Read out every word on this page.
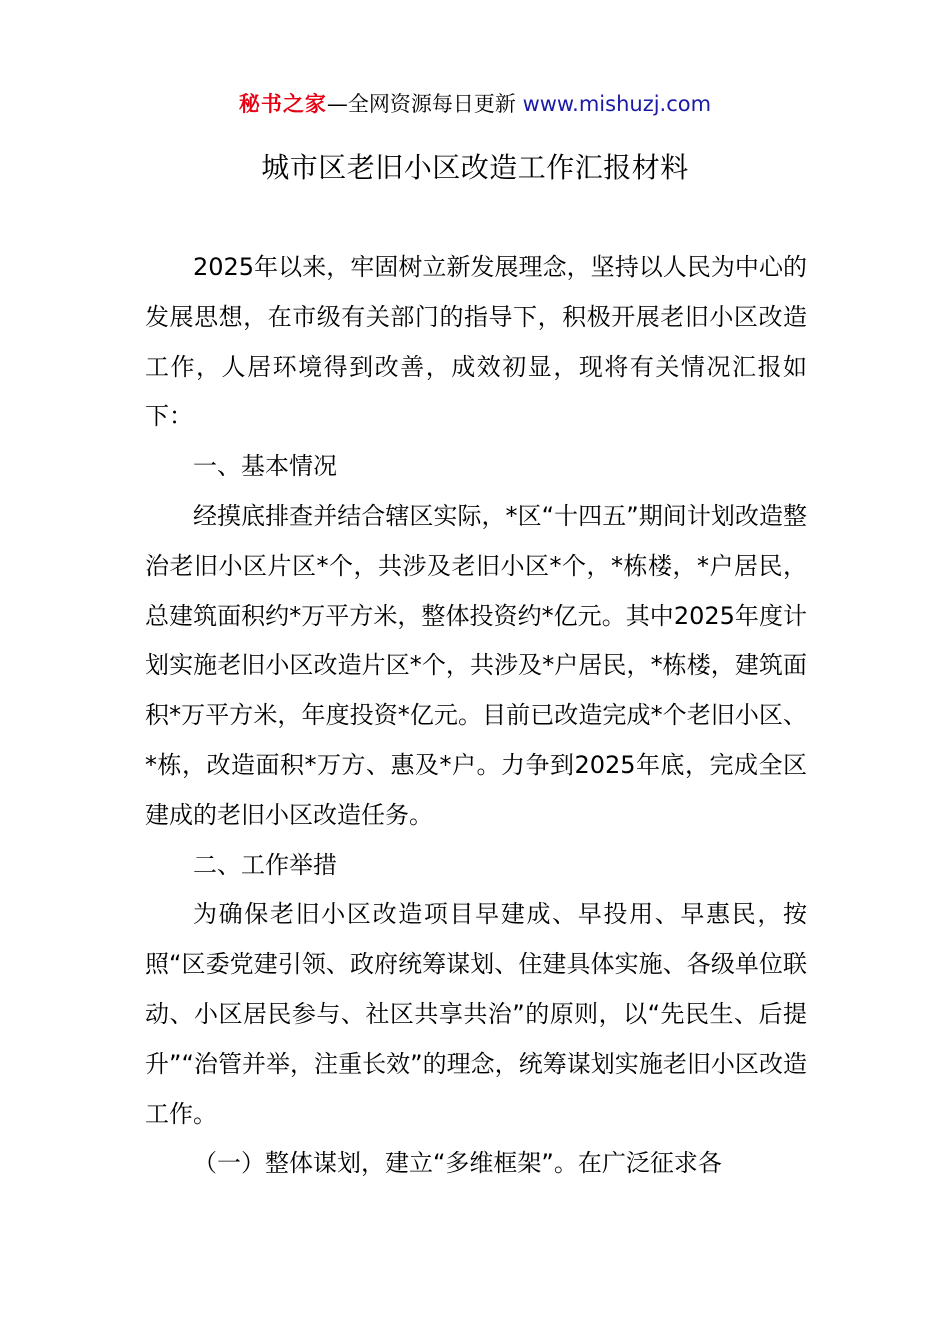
秘书之家—全网资源每日更新 www.mishuzj.com
城市区老旧小区改造工作汇报材料

2025年以来，牢固树立新发展理念，坚持以人民为中心的发展思想，在市级有关部门的指导下，积极开展老旧小区改造工作，人居环境得到改善，成效初显，现将有关情况汇报如下：

一、基本情况

经摸底排查并结合辖区实际，*区“十四五”期间计划改造整治老旧小区片区*个，共涉及老旧小区*个，*栋楼，*户居民，总建筑面积约*万平方米，整体投资约*亿元。其中2025年度计划实施老旧小区改造片区*个，共涉及*户居民，*栋楼，建筑面积*万平方米，年度投资*亿元。目前已改造完成*个老旧小区、*栋，改造面积*万方、惠及*户。力争到2025年底，完成全区建成的老旧小区改造任务。

二、工作举措

为确保老旧小区改造项目早建成、早投用、早惠民，按照“区委党建引领、政府统筹谋划、住建具体实施、各级单位联动、小区居民参与、社区共享共治”的原则，以“先民生、后提升”“治管并举，注重长效”的理念，统筹谋划实施老旧小区改造工作。

（一）整体谋划，建立“多维框架”。在广泛征求各
